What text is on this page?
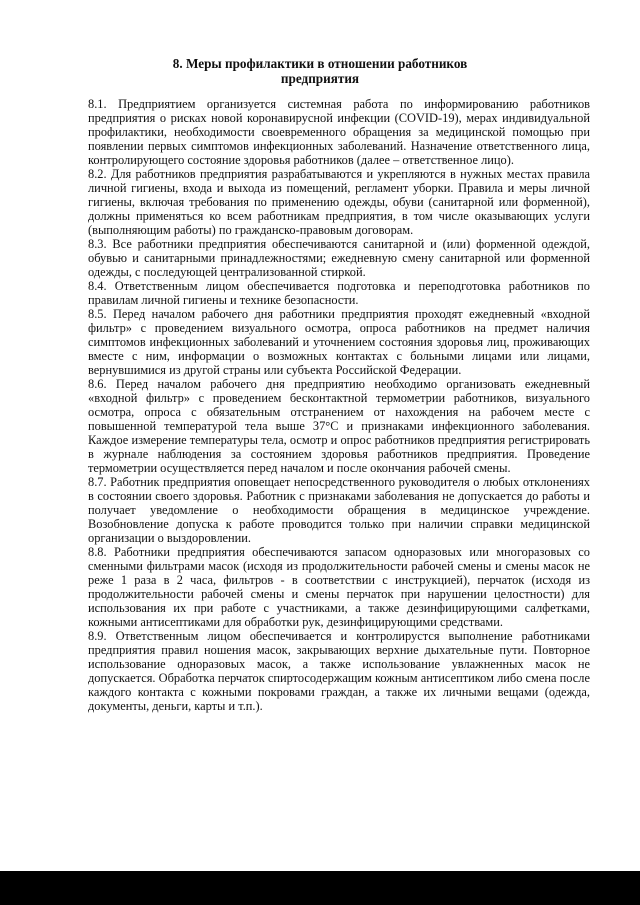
8. Меры профилактики в отношении работников
предприятия

8.1. Предприятием организуется системная работа по информированию работников предприятия о рисках новой коронавирусной инфекции (COVID-19), мерах индивидуальной профилактики, необходимости своевременного обращения за медицинской помощью при появлении первых симптомов инфекционных заболеваний. Назначение ответственного лица, контролирующего состояние здоровья работников (далее – ответственное лицо).

8.2. Для работников предприятия разрабатываются и укрепляются в нужных местах правила личной гигиены, входа и выхода из помещений, регламент уборки. Правила и меры личной гигиены, включая требования по применению одежды, обуви (санитарной или форменной), должны применяться ко всем работникам предприятия, в том числе оказывающих услуги (выполняющим работы) по гражданско-правовым договорам.

8.3. Все работники предприятия обеспечиваются санитарной и (или) форменной одеждой, обувью и санитарными принадлежностями; ежедневную смену санитарной или форменной одежды, с последующей централизованной стиркой.

8.4. Ответственным лицом обеспечивается подготовка и переподготовка работников по правилам личной гигиены и технике безопасности.

8.5. Перед началом рабочего дня работники предприятия проходят ежедневный «входной фильтр» с проведением визуального осмотра, опроса работников на предмет наличия симптомов инфекционных заболеваний и уточнением состояния здоровья лиц, проживающих вместе с ним, информации о возможных контактах с больными лицами или лицами, вернувшимися из другой страны или субъекта Российской Федерации.

8.6. Перед началом рабочего дня предприятию необходимо организовать ежедневный «входной фильтр» с проведением бесконтактной термометрии работников, визуального осмотра, опроса с обязательным отстранением от нахождения на рабочем месте с повышенной температурой тела выше 37°С и признаками инфекционного заболевания. Каждое измерение температуры тела, осмотр и опрос работников предприятия регистрировать в журнале наблюдения за состоянием здоровья работников предприятия. Проведение термометрии осуществляется перед началом и после окончания рабочей смены.

8.7. Работник предприятия оповещает непосредственного руководителя о любых отклонениях в состоянии своего здоровья. Работник с признаками заболевания не допускается до работы и получает уведомление о необходимости обращения в медицинское учреждение. Возобновление допуска к работе проводится только при наличии справки медицинской организации о выздоровлении.

8.8. Работники предприятия обеспечиваются запасом одноразовых или многоразовых со сменными фильтрами масок (исходя из продолжительности рабочей смены и смены масок не реже 1 раза в 2 часа, фильтров - в соответствии с инструкцией), перчаток (исходя из продолжительности рабочей смены и смены перчаток при нарушении целостности) для использования их при работе с участниками, а также дезинфицирующими салфетками, кожными антисептиками для обработки рук, дезинфицирующими средствами.

8.9. Ответственным лицом обеспечивается и контролирустся выполнение работниками предприятия правил ношения масок, закрывающих верхние дыхательные пути. Повторное использование одноразовых масок, а также использование увлажненных масок не допускается. Обработка перчаток спиртосодержащим кожным антисептиком либо смена после каждого контакта с кожными покровами граждан, а также их личными вещами (одежда, документы, деньги, карты и т.п.).
